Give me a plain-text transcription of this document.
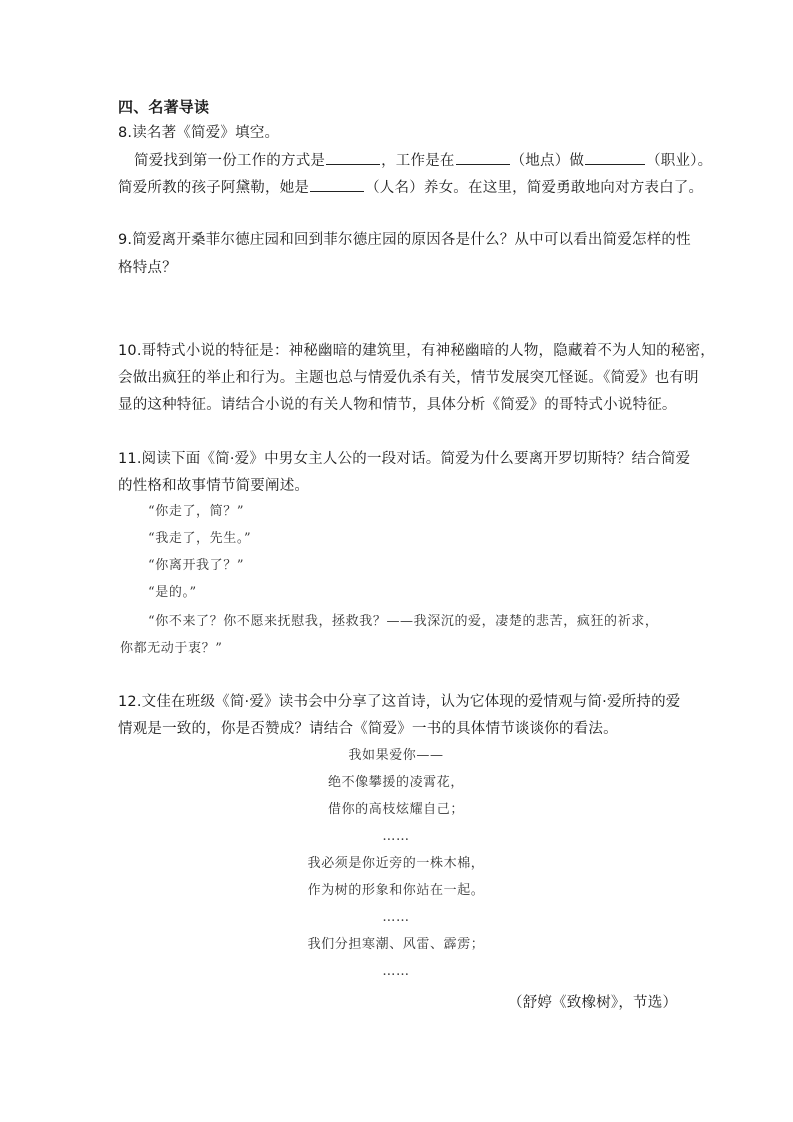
四、名著导读
8.读名著《简爱》填空。
简爱找到第一份工作的方式是	，工作是在	（地点）做	（职业）。
简爱所教的孩子阿黛勒，她是	（人名）养女。在这里，简爱勇敢地向对方表白了。
9.简爱离开桑菲尔德庄园和回到菲尔德庄园的原因各是什么？从中可以看出简爱怎样的性
格特点？
10.哥特式小说的特征是：神秘幽暗的建筑里，有神秘幽暗的人物，隐藏着不为人知的秘密，
会做出疯狂的举止和行为。主题也总与情爱仇杀有关，情节发展突兀怪诞。《简爱》也有明
显的这种特征。请结合小说的有关人物和情节，具体分析《简爱》的哥特式小说特征。
11.阅读下面《简·爱》中男女主人公的一段对话。简爱为什么要离开罗切斯特？结合简爱
的性格和故事情节简要阐述。
“你走了，简？”
“我走了，先生。”
“你离开我了？”
“是的。”
“你不来了？你不愿来抚慰我，拯救我？——我深沉的爱，凄楚的悲苦，疯狂的祈求，
你都无动于衷？”
12.文佳在班级《简·爱》读书会中分享了这首诗，认为它体现的爱情观与简·爱所持的爱
情观是一致的，你是否赞成？请结合《简爱》一书的具体情节谈谈你的看法。
我如果爱你——
绝不像攀援的凌霄花，
借你的高枝炫耀自己；
……
我必须是你近旁的一株木棉，
作为树的形象和你站在一起。
……
我们分担寒潮、风雷、霹雳；
……
（舒婷《致橡树》，节选）
